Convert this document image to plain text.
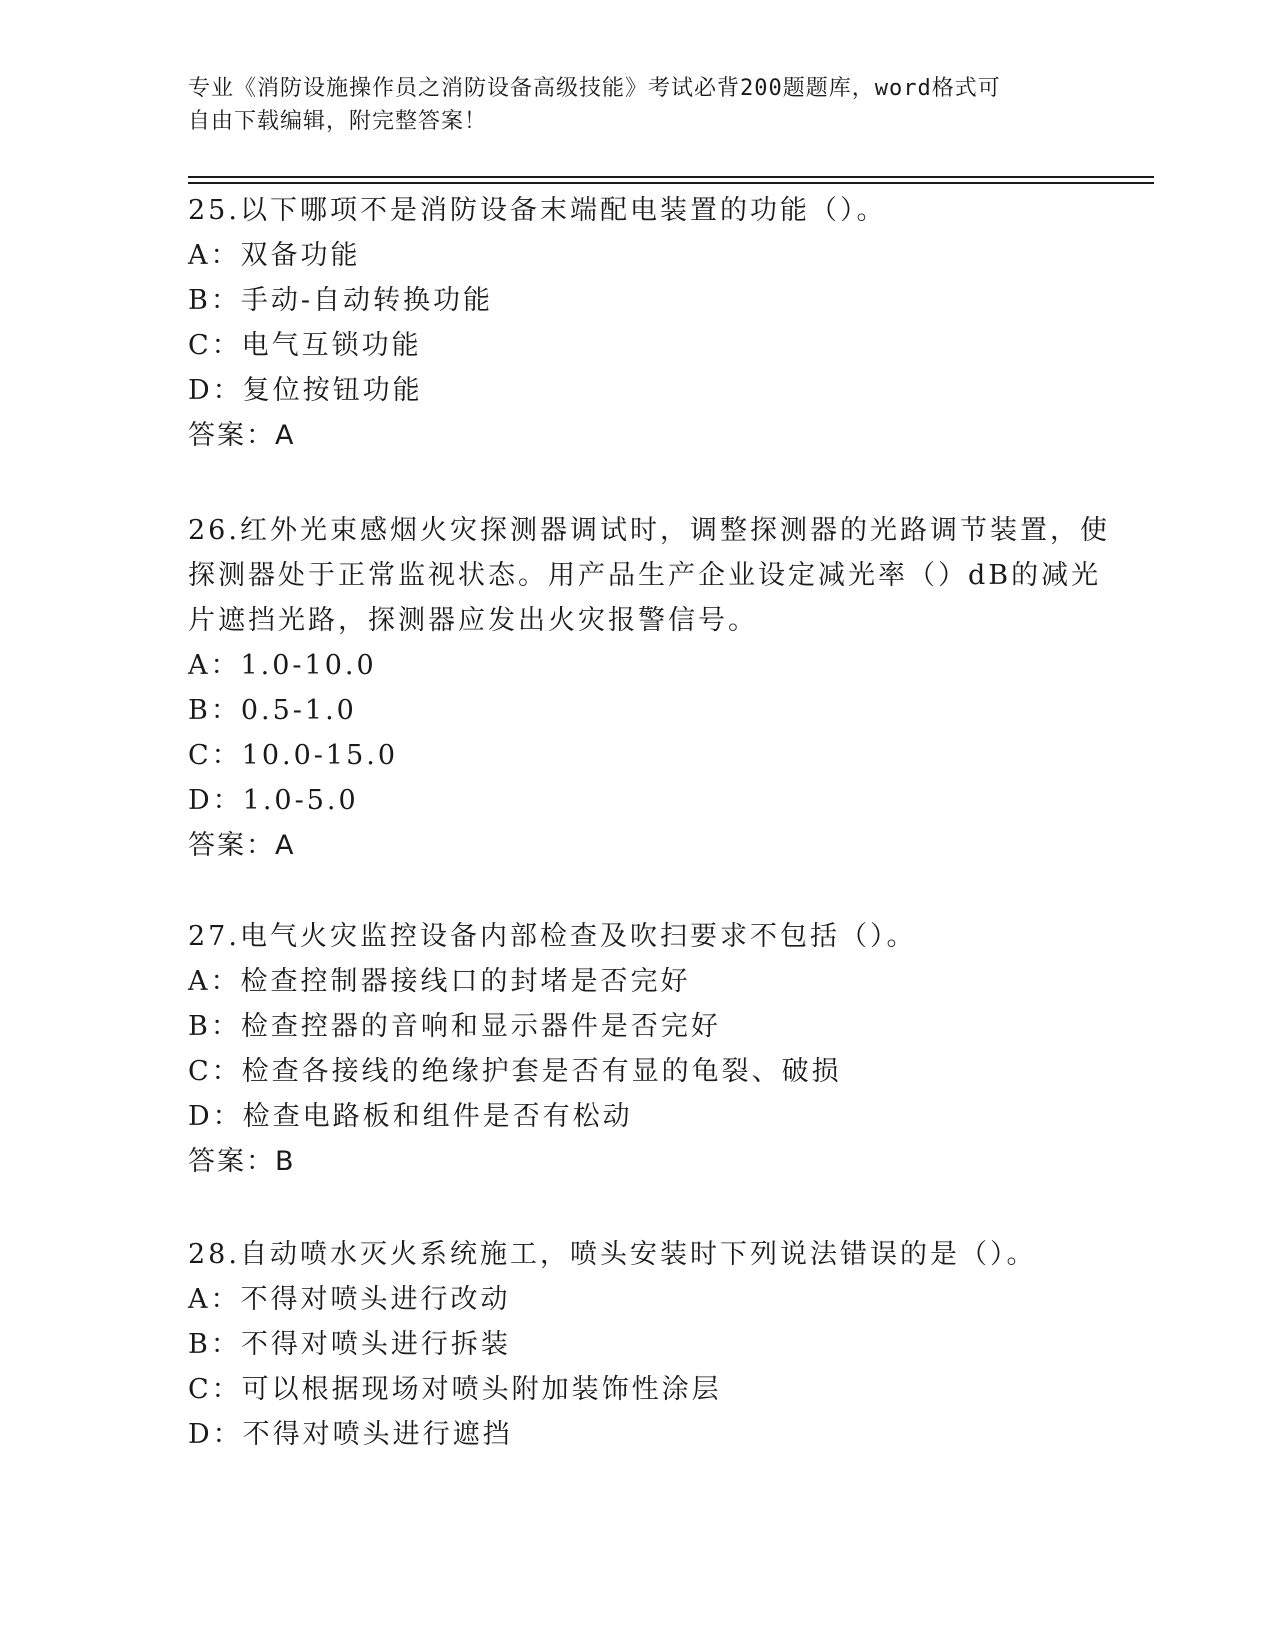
专业《消防设施操作员之消防设备高级技能》考试必背200题题库，word格式可
自由下载编辑，附完整答案！

25.以下哪项不是消防设备末端配电装置的功能（）。

A：双备功能

B：手动-自动转换功能

C：电气互锁功能

D：复位按钮功能

答案：A

26.红外光束感烟火灾探测器调试时，调整探测器的光路调节装置，使
探测器处于正常监视状态。用产品生产企业设定减光率（）dB的减光
片遮挡光路，探测器应发出火灾报警信号。

A：1.0-10.0

B：0.5-1.0

C：10.0-15.0

D：1.0-5.0

答案：A

27.电气火灾监控设备内部检查及吹扫要求不包括（）。

A：检查控制器接线口的封堵是否完好

B：检查控器的音响和显示器件是否完好

C：检查各接线的绝缘护套是否有显的龟裂、破损

D：检查电路板和组件是否有松动

答案：B

28.自动喷水灭火系统施工，喷头安装时下列说法错误的是（）。

A：不得对喷头进行改动

B：不得对喷头进行拆装

C：可以根据现场对喷头附加装饰性涂层

D：不得对喷头进行遮挡
